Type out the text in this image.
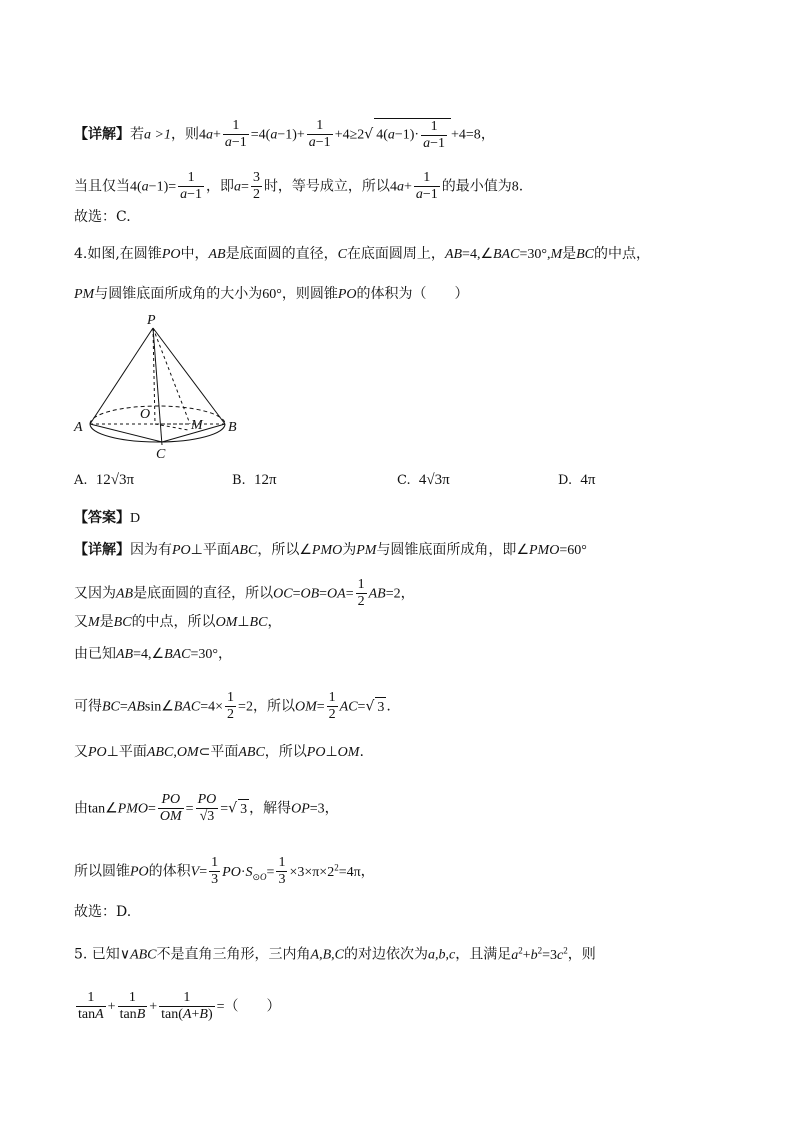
【详解】若a >1，则$4a+ \frac{1}{a-1} =4(a-1)+ \frac{1}{a-1} +4\ge 2√$ $4(a-1)\cdot \frac{1}{a-1} +4=8$，
当且仅当$4(a-1)= \frac{1}{a-1}$ ，即$a= \frac{3}{2}$ 时，等号成立，所以$4a+ \frac{1}{a-1}$ 的最小值为8.
故选：C.
4.如图,在圆锥PO中，AB是底面圆的直径，C在底面圆周上，AB=4,∠BAC=30°,M是BC的中点，
PM与圆锥底面所成角的大小为60°，则圆锥PO的体积为（　　）
P
O
A	B
C
M
A. 12√3π	B. 12π	C. 4√3π	D. 4π
【答案】D
【详解】因为有PO⊥平面ABC，所以∠PMO为PM与圆锥底面所成角，即∠PMO=60°
又因为AB是底面圆的直径，所以$OC=OB=OA= \frac{1}{2} AB=2$，
又M是BC的中点，所以OM⊥BC，
由已知AB=4,∠BAC=30°，
可得BC=ABsin∠BAC=4× $\frac{1}{2} =2$，所以$OM= \frac{1}{2} AC=√$ 3 .
又PO⊥平面ABC,OM⊂平面ABC，所以PO⊥OM.
由tan∠PMO= $\frac{PO}{OM} = \frac{PO}{√3}$ =√ 3 ，解得OP=3，
所以圆锥PO的体积$V= \frac{1}{3} PO\cdot S_{⊙O}= \frac{1}{3} \times 3\times\pi\times 2^2=4\pi$，
故选：D.
5. 已知∨ABC不是直角三角形，三内角A,B,C的对边依次为a,b,c，且满足$a^2+b^2=3c^2$，则
$\frac{1}{\tan A} + \frac{1}{\tan B} + \frac{1}{\tan(A+B)}$ =（　　）
